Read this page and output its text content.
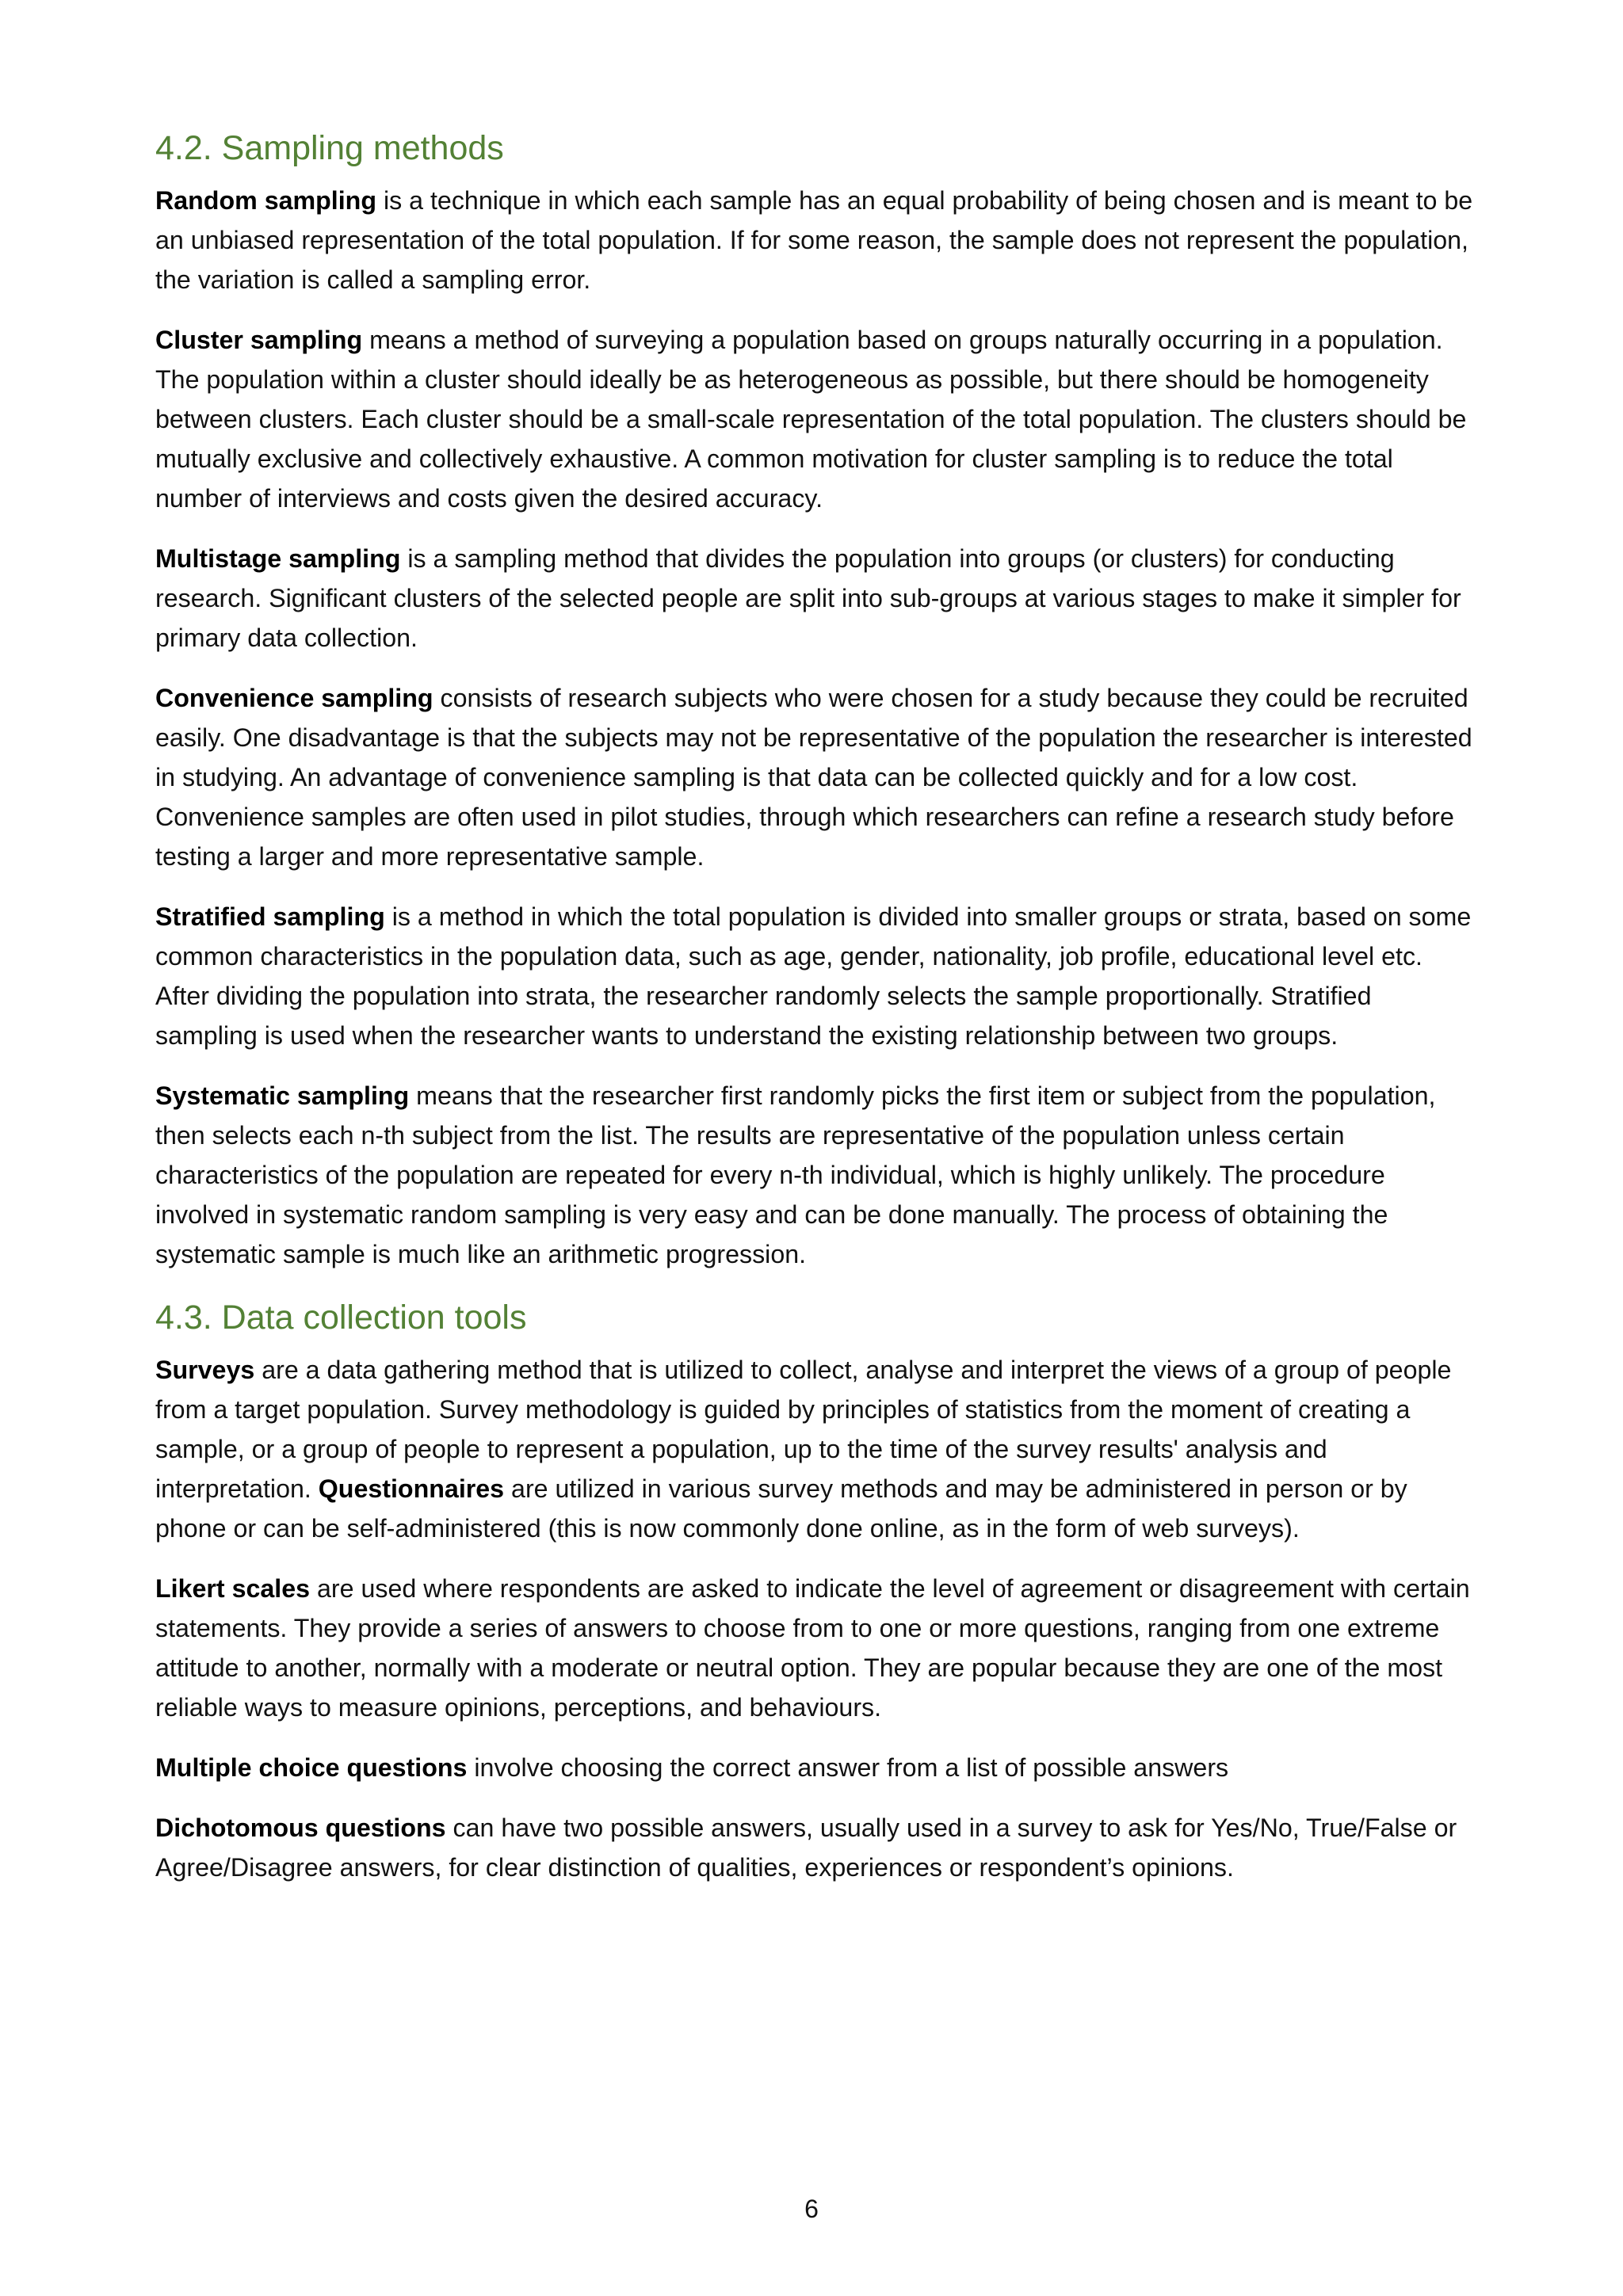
4.2. Sampling methods

Random sampling is a technique in which each sample has an equal probability of being chosen and is meant to be an unbiased representation of the total population. If for some reason, the sample does not represent the population, the variation is called a sampling error.

Cluster sampling means a method of surveying a population based on groups naturally occurring in a population. The population within a cluster should ideally be as heterogeneous as possible, but there should be homogeneity between clusters. Each cluster should be a small-scale representation of the total population. The clusters should be mutually exclusive and collectively exhaustive. A common motivation for cluster sampling is to reduce the total number of interviews and costs given the desired accuracy.

Multistage sampling is a sampling method that divides the population into groups (or clusters) for conducting research. Significant clusters of the selected people are split into sub-groups at various stages to make it simpler for primary data collection.

Convenience sampling consists of research subjects who were chosen for a study because they could be recruited easily. One disadvantage is that the subjects may not be representative of the population the researcher is interested in studying. An advantage of convenience sampling is that data can be collected quickly and for a low cost. Convenience samples are often used in pilot studies, through which researchers can refine a research study before testing a larger and more representative sample.

Stratified sampling is a method in which the total population is divided into smaller groups or strata, based on some common characteristics in the population data, such as age, gender, nationality, job profile, educational level etc. After dividing the population into strata, the researcher randomly selects the sample proportionally. Stratified sampling is used when the researcher wants to understand the existing relationship between two groups.

Systematic sampling means that the researcher first randomly picks the first item or subject from the population, then selects each n-th subject from the list. The results are representative of the population unless certain characteristics of the population are repeated for every n-th individual, which is highly unlikely. The procedure involved in systematic random sampling is very easy and can be done manually. The process of obtaining the systematic sample is much like an arithmetic progression.

4.3. Data collection tools

Surveys are a data gathering method that is utilized to collect, analyse and interpret the views of a group of people from a target population. Survey methodology is guided by principles of statistics from the moment of creating a sample, or a group of people to represent a population, up to the time of the survey results' analysis and interpretation. Questionnaires are utilized in various survey methods and may be administered in person or by phone or can be self-administered (this is now commonly done online, as in the form of web surveys).

Likert scales are used where respondents are asked to indicate the level of agreement or disagreement with certain statements. They provide a series of answers to choose from to one or more questions, ranging from one extreme attitude to another, normally with a moderate or neutral option. They are popular because they are one of the most reliable ways to measure opinions, perceptions, and behaviours.

Multiple choice questions involve choosing the correct answer from a list of possible answers

Dichotomous questions can have two possible answers, usually used in a survey to ask for Yes/No, True/False or Agree/Disagree answers, for clear distinction of qualities, experiences or respondent’s opinions.

6
